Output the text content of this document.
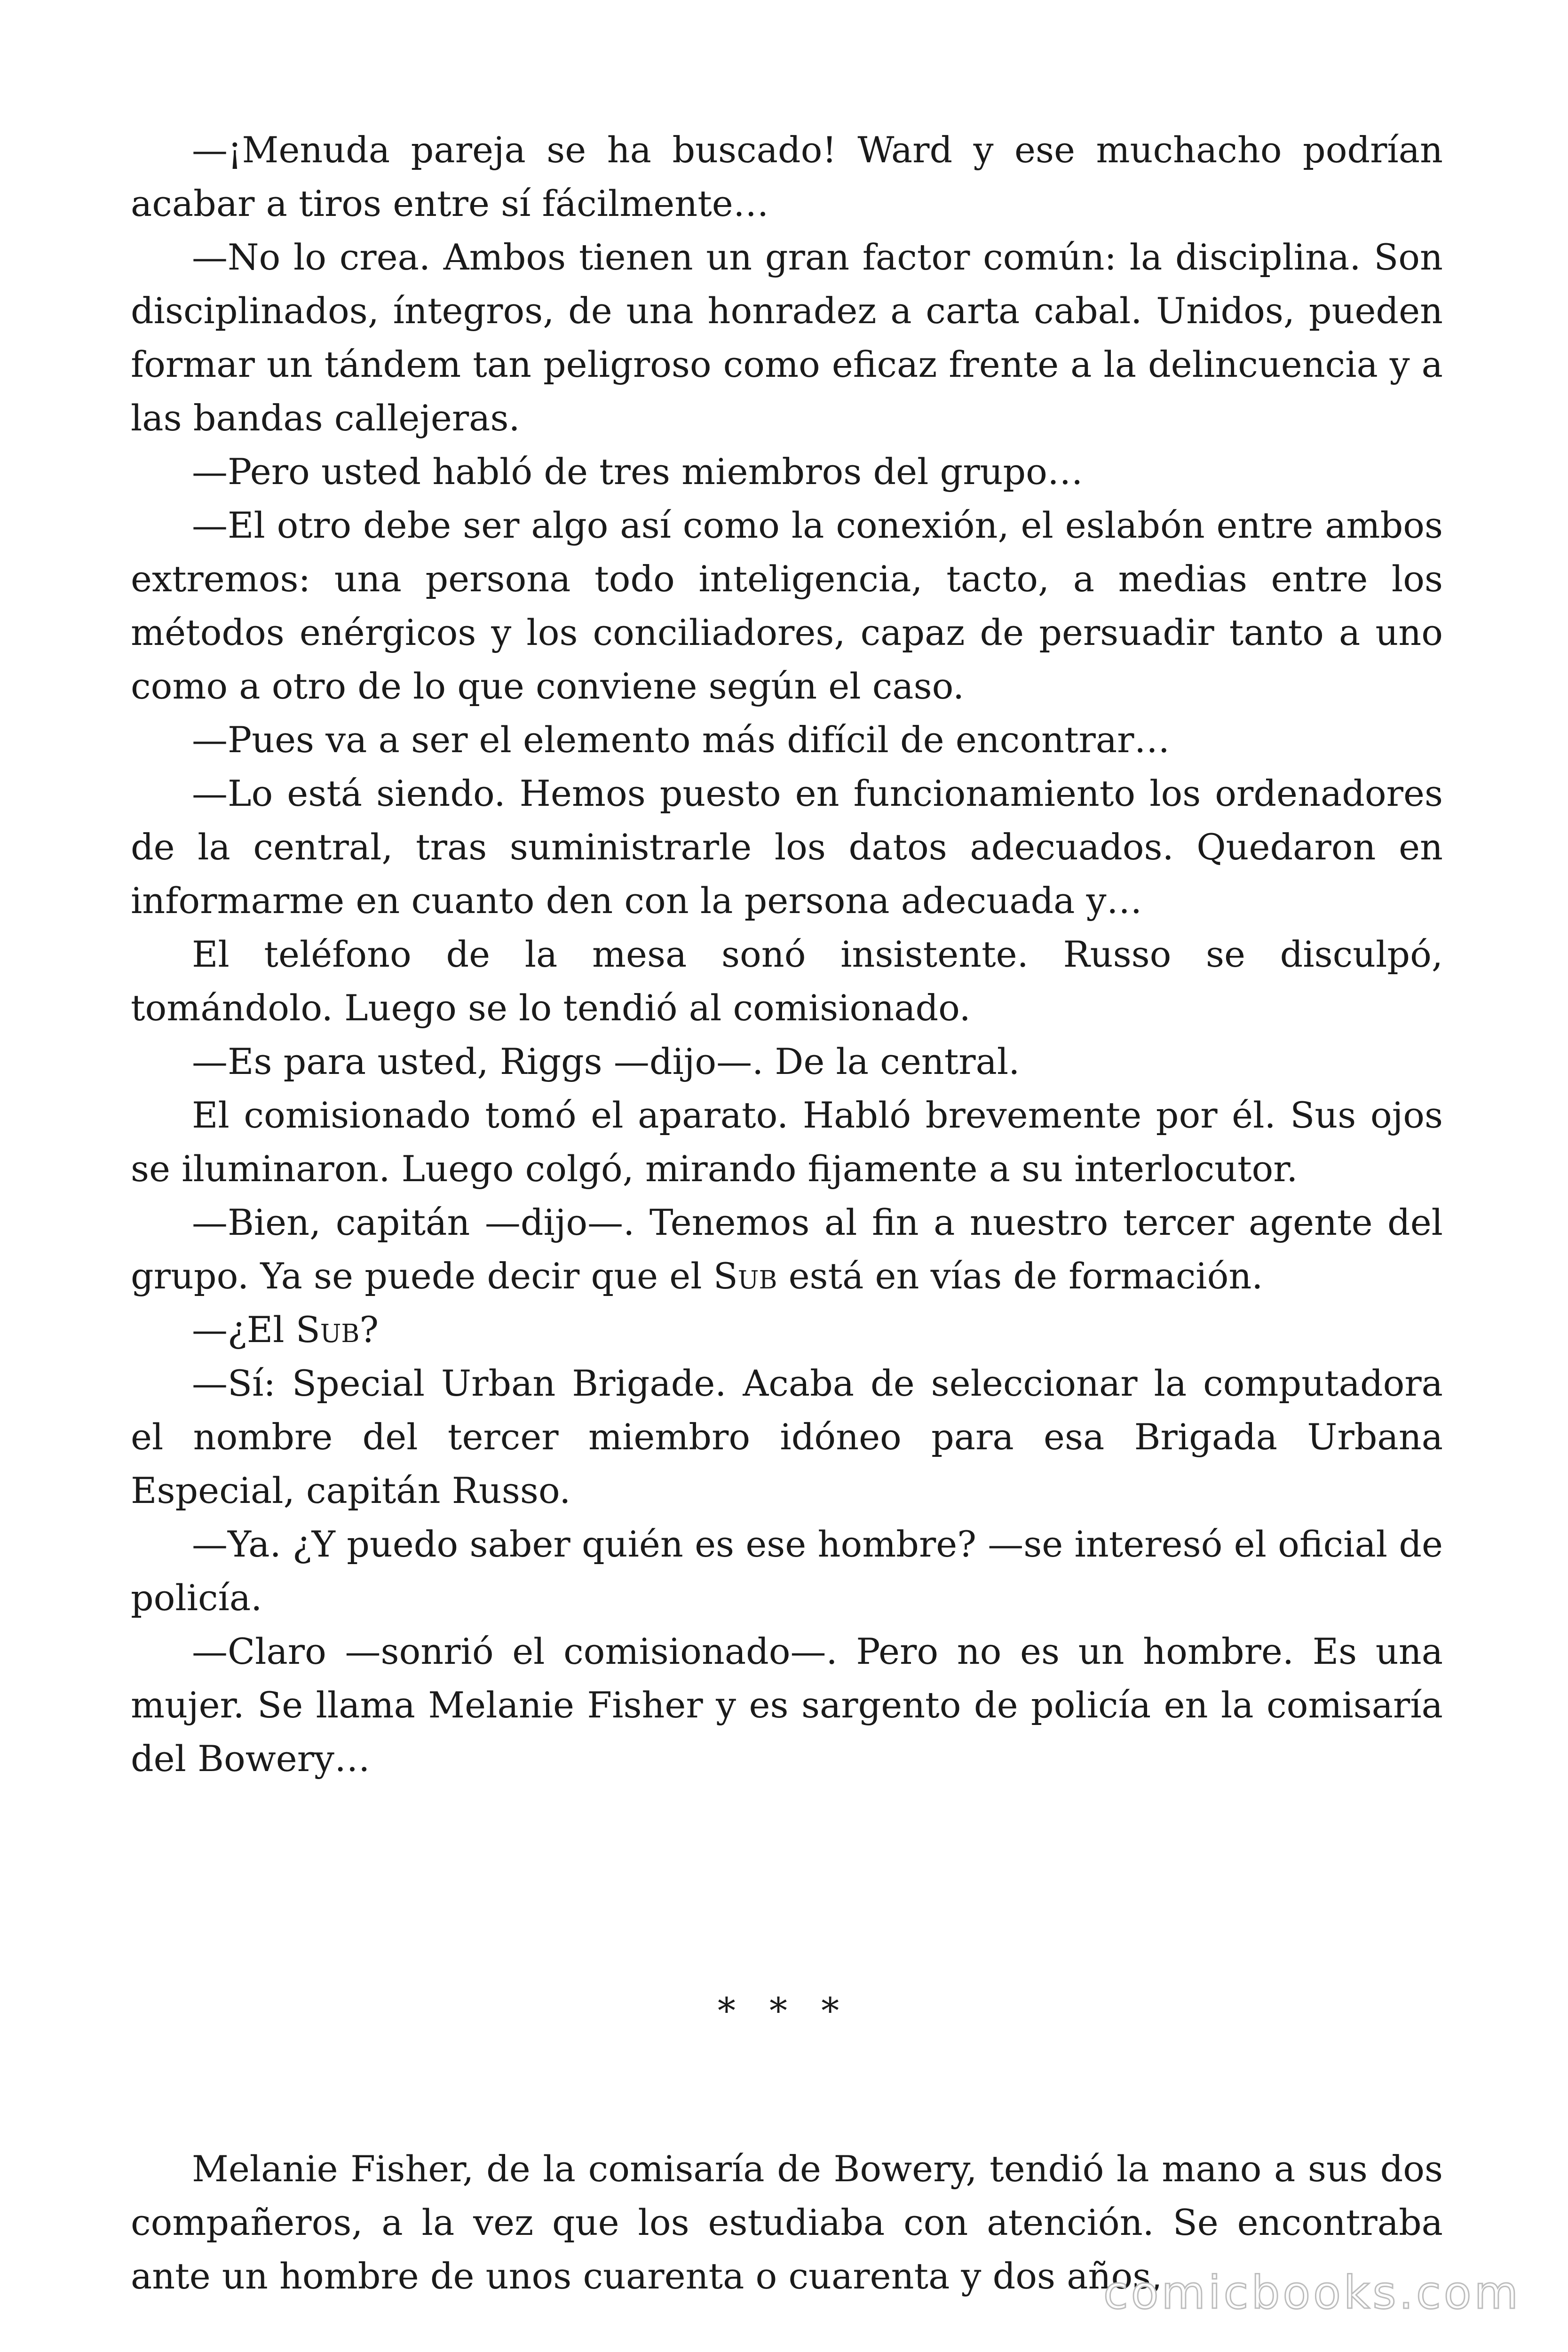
—¡Menuda pareja se ha buscado! Ward y ese muchacho podrían acabar a tiros entre sí fácilmente…

—No lo crea. Ambos tienen un gran factor común: la disciplina. Son disciplinados, íntegros, de una honradez a carta cabal. Unidos, pueden formar un tándem tan peligroso como eficaz frente a la delincuencia y a las bandas callejeras.

—Pero usted habló de tres miembros del grupo…

—El otro debe ser algo así como la conexión, el eslabón entre ambos extremos: una persona todo inteligencia, tacto, a medias entre los métodos enérgicos y los conciliadores, capaz de persuadir tanto a uno como a otro de lo que conviene según el caso.

—Pues va a ser el elemento más difícil de encontrar…

—Lo está siendo. Hemos puesto en funcionamiento los ordenadores de la central, tras suministrarle los datos adecuados. Quedaron en informarme en cuanto den con la persona adecuada y…

El teléfono de la mesa sonó insistente. Russo se disculpó, tomándolo. Luego se lo tendió al comisionado.

—Es para usted, Riggs —dijo—. De la central.

El comisionado tomó el aparato. Habló brevemente por él. Sus ojos se iluminaron. Luego colgó, mirando fijamente a su interlocutor.

—Bien, capitán —dijo—. Tenemos al fin a nuestro tercer agente del grupo. Ya se puede decir que el Sub está en vías de formación.

—¿El Sub?

—Sí: Special Urban Brigade. Acaba de seleccionar la computadora el nombre del tercer miembro idóneo para esa Brigada Urbana Especial, capitán Russo.

—Ya. ¿Y puedo saber quién es ese hombre? —se interesó el oficial de policía.

—Claro —sonrió el comisionado—. Pero no es un hombre. Es una mujer. Se llama Melanie Fisher y es sargento de policía en la comisaría del Bowery…

* * *

Melanie Fisher, de la comisaría de Bowery, tendió la mano a sus dos compañeros, a la vez que los estudiaba con atención. Se encontraba ante un hombre de unos cuarenta o cuarenta y dos años,

comicbooks.com
